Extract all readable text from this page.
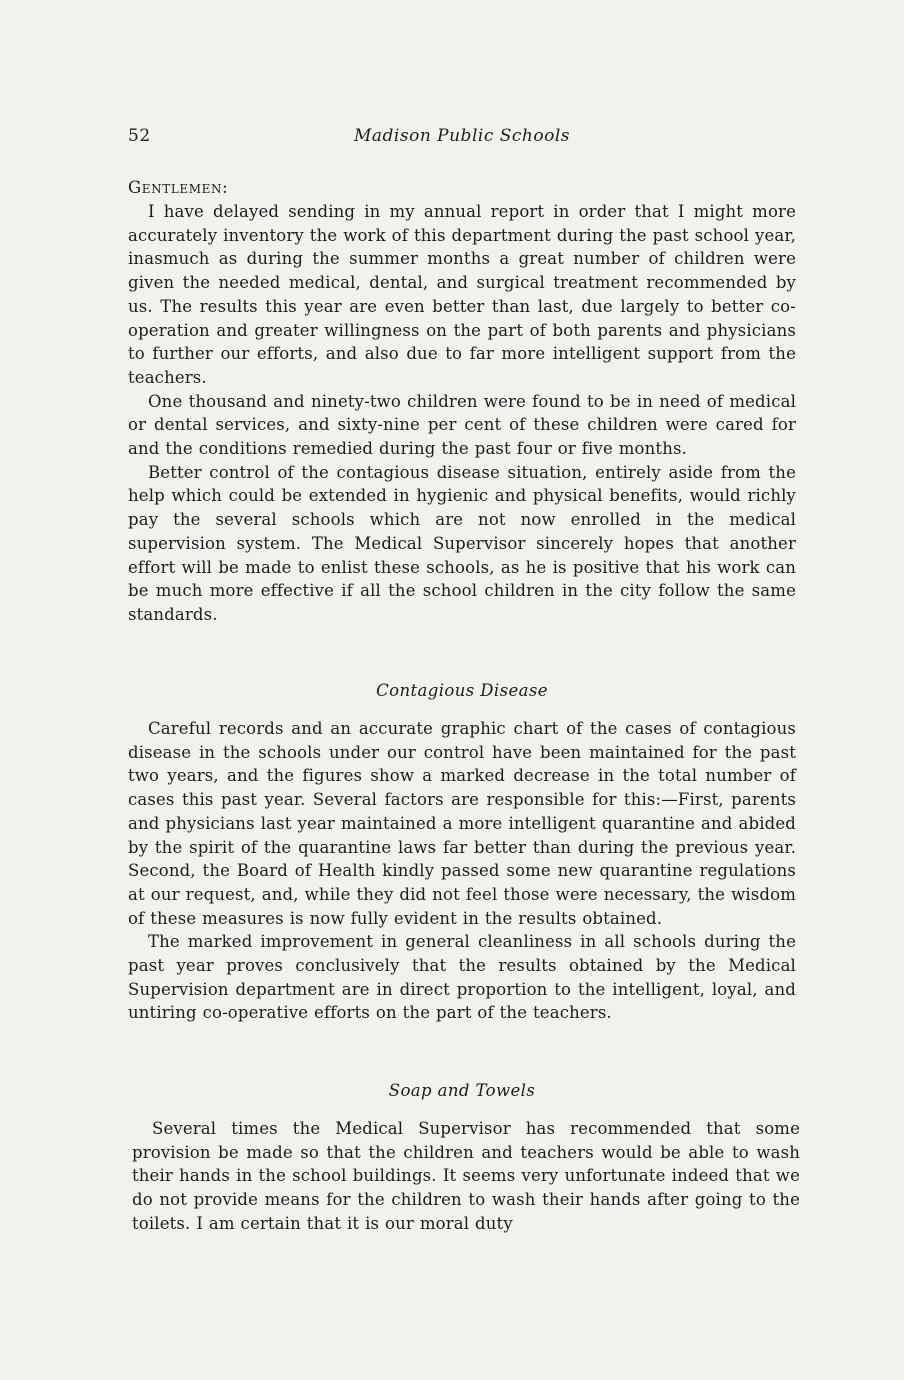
52	Madison Public Schools
Gentlemen:

I have delayed sending in my annual report in order that I might more accurately inventory the work of this department during the past school year, inasmuch as during the summer months a great number of children were given the needed medical, dental, and surgical treatment recommended by us. The results this year are even better than last, due largely to better co-operation and greater willingness on the part of both parents and physicians to further our efforts, and also due to far more intelligent support from the teachers.

One thousand and ninety-two children were found to be in need of medical or dental services, and sixty-nine per cent of these children were cared for and the conditions remedied during the past four or five months.

Better control of the contagious disease situation, entirely aside from the help which could be extended in hygienic and physical benefits, would richly pay the several schools which are not now enrolled in the medical supervision system. The Medical Supervisor sincerely hopes that another effort will be made to enlist these schools, as he is positive that his work can be much more effective if all the school children in the city follow the same standards.

Contagious Disease

Careful records and an accurate graphic chart of the cases of contagious disease in the schools under our control have been maintained for the past two years, and the figures show a marked decrease in the total number of cases this past year. Several factors are responsible for this:—First, parents and physicians last year maintained a more intelligent quarantine and abided by the spirit of the quarantine laws far better than during the previous year. Second, the Board of Health kindly passed some new quarantine regulations at our request, and, while they did not feel those were necessary, the wisdom of these measures is now fully evident in the results obtained.

The marked improvement in general cleanliness in all schools during the past year proves conclusively that the results obtained by the Medical Supervision department are in direct proportion to the intelligent, loyal, and untiring co-operative efforts on the part of the teachers.

Soap and Towels

Several times the Medical Supervisor has recommended that some provision be made so that the children and teachers would be able to wash their hands in the school buildings. It seems very unfortunate indeed that we do not provide means for the children to wash their hands after going to the toilets. I am certain that it is our moral duty
